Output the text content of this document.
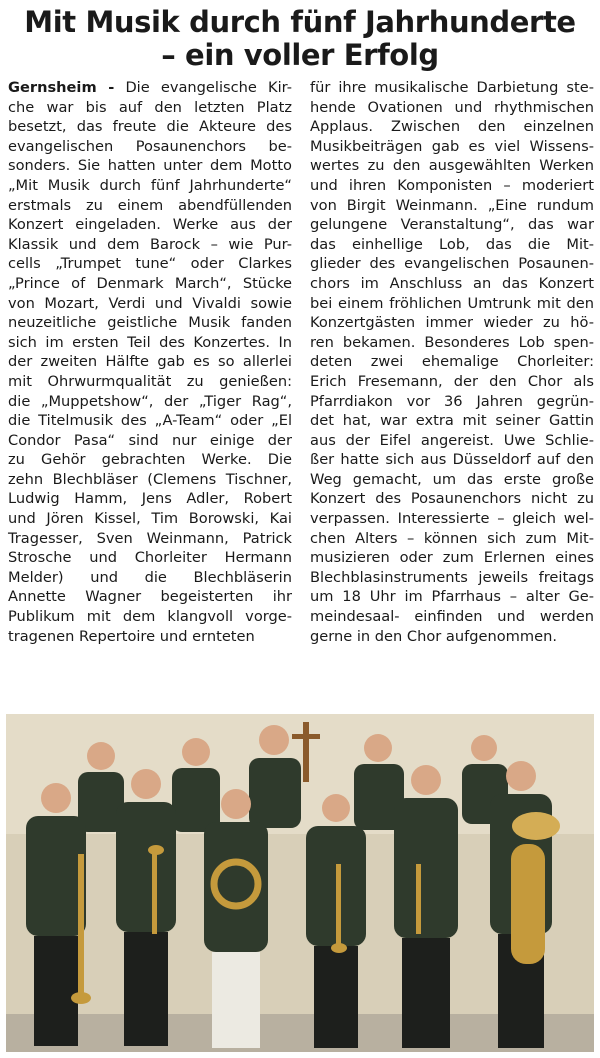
Mit Musik durch fünf Jahrhunderte
– ein voller Erfolg
Gernsheim - Die evangelische Kir-
che war bis auf den letzten Platz
besetzt, das freute die Akteure des
evangelischen Posaunenchors be-
sonders. Sie hatten unter dem Motto
„Mit Musik durch fünf Jahrhunderte“
erstmals zu einem abendfüllenden
Konzert eingeladen. Werke aus der
Klassik und dem Barock – wie Pur-
cells „Trumpet tune“ oder Clarkes
„Prince of Denmark March“, Stücke
von Mozart, Verdi und Vivaldi sowie
neuzeitliche geistliche Musik fanden
sich im ersten Teil des Konzertes. In
der zweiten Hälfte gab es so allerlei
mit Ohrwurmqualität zu genießen:
die „Muppetshow“, der „Tiger Rag“,
die Titelmusik des „A-Team“ oder „El
Condor Pasa“ sind nur einige der
zu Gehör gebrachten Werke. Die
zehn Blechbläser (Clemens Tischner,
Ludwig Hamm, Jens Adler, Robert
und Jören Kissel, Tim Borowski, Kai
Tragesser, Sven Weinmann, Patrick
Strosche und Chorleiter Hermann
Melder) und die Blechbläserin
Annette Wagner begeisterten ihr
Publikum mit dem klangvoll vorge-
tragenen Repertoire und ernteten
für ihre musikalische Darbietung ste-
hende Ovationen und rhythmischen
Applaus. Zwischen den einzelnen
Musikbeiträgen gab es viel Wissens-
wertes zu den ausgewählten Werken
und ihren Komponisten – moderiert
von Birgit Weinmann. „Eine rundum
gelungene Veranstaltung“, das war
das einhellige Lob, das die Mit-
glieder des evangelischen Posaunen-
chors im Anschluss an das Konzert
bei einem fröhlichen Umtrunk mit den
Konzertgästen immer wieder zu hö-
ren bekamen. Besonderes Lob spen-
deten zwei ehemalige Chorleiter:
Erich Fresemann, der den Chor als
Pfarrdiakon vor 36 Jahren gegrün-
det hat, war extra mit seiner Gattin
aus der Eifel angereist. Uwe Schlie-
ßer hatte sich aus Düsseldorf auf den
Weg gemacht, um das erste große
Konzert des Posaunenchors nicht zu
verpassen. Interessierte – gleich wel-
chen Alters – können sich zum Mit-
musizieren oder zum Erlernen eines
Blechblasinstruments jeweils freitags
um 18 Uhr im Pfarrhaus – alter Ge-
meindesaal- einfinden und werden
gerne in den Chor aufgenommen.
